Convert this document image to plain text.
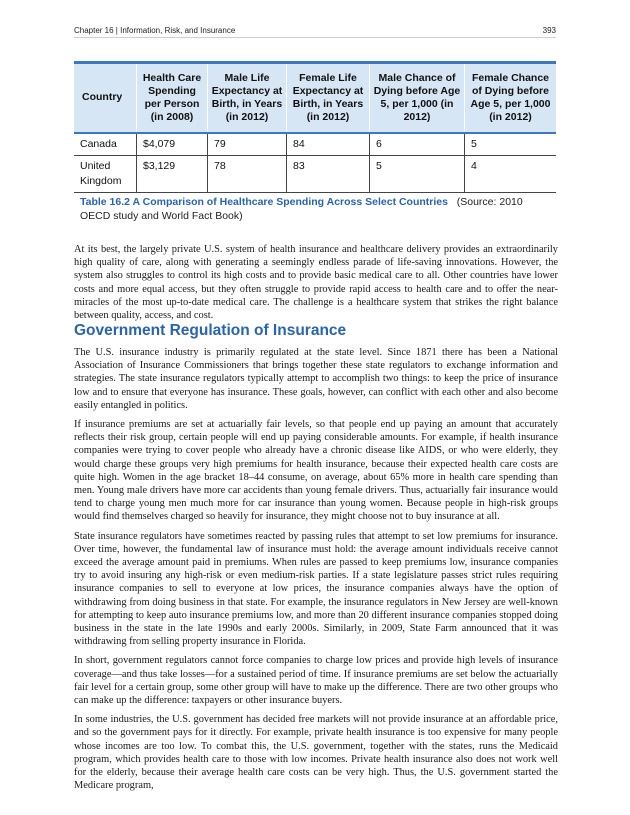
Chapter 16 | Information, Risk, and Insurance	393
Country	Health Care Spending per Person (in 2008)	Male Life Expectancy at Birth, in Years (in 2012)	Female Life Expectancy at Birth, in Years (in 2012)	Male Chance of Dying before Age 5, per 1,000 (in 2012)	Female Chance of Dying before Age 5, per 1,000 (in 2012)
Canada	$4,079	79	84	6	5
United Kingdom	$3,129	78	83	5	4
Table 16.2 A Comparison of Healthcare Spending Across Select Countries (Source: 2010 OECD study and World Fact Book)

At its best, the largely private U.S. system of health insurance and healthcare delivery provides an extraordinarily high quality of care, along with generating a seemingly endless parade of life-saving innovations. However, the system also struggles to control its high costs and to provide basic medical care to all. Other countries have lower costs and more equal access, but they often struggle to provide rapid access to health care and to offer the near-miracles of the most up-to-date medical care. The challenge is a healthcare system that strikes the right balance between quality, access, and cost.

Government Regulation of Insurance

The U.S. insurance industry is primarily regulated at the state level. Since 1871 there has been a National Association of Insurance Commissioners that brings together these state regulators to exchange information and strategies. The state insurance regulators typically attempt to accomplish two things: to keep the price of insurance low and to ensure that everyone has insurance. These goals, however, can conflict with each other and also become easily entangled in politics.

If insurance premiums are set at actuarially fair levels, so that people end up paying an amount that accurately reflects their risk group, certain people will end up paying considerable amounts. For example, if health insurance companies were trying to cover people who already have a chronic disease like AIDS, or who were elderly, they would charge these groups very high premiums for health insurance, because their expected health care costs are quite high. Women in the age bracket 18–44 consume, on average, about 65% more in health care spending than men. Young male drivers have more car accidents than young female drivers. Thus, actuarially fair insurance would tend to charge young men much more for car insurance than young women. Because people in high-risk groups would find themselves charged so heavily for insurance, they might choose not to buy insurance at all.

State insurance regulators have sometimes reacted by passing rules that attempt to set low premiums for insurance. Over time, however, the fundamental law of insurance must hold: the average amount individuals receive cannot exceed the average amount paid in premiums. When rules are passed to keep premiums low, insurance companies try to avoid insuring any high-risk or even medium-risk parties. If a state legislature passes strict rules requiring insurance companies to sell to everyone at low prices, the insurance companies always have the option of withdrawing from doing business in that state. For example, the insurance regulators in New Jersey are well-known for attempting to keep auto insurance premiums low, and more than 20 different insurance companies stopped doing business in the state in the late 1990s and early 2000s. Similarly, in 2009, State Farm announced that it was withdrawing from selling property insurance in Florida.

In short, government regulators cannot force companies to charge low prices and provide high levels of insurance coverage—and thus take losses—for a sustained period of time. If insurance premiums are set below the actuarially fair level for a certain group, some other group will have to make up the difference. There are two other groups who can make up the difference: taxpayers or other insurance buyers.

In some industries, the U.S. government has decided free markets will not provide insurance at an affordable price, and so the government pays for it directly. For example, private health insurance is too expensive for many people whose incomes are too low. To combat this, the U.S. government, together with the states, runs the Medicaid program, which provides health care to those with low incomes. Private health insurance also does not work well for the elderly, because their average health care costs can be very high. Thus, the U.S. government started the Medicare program,
